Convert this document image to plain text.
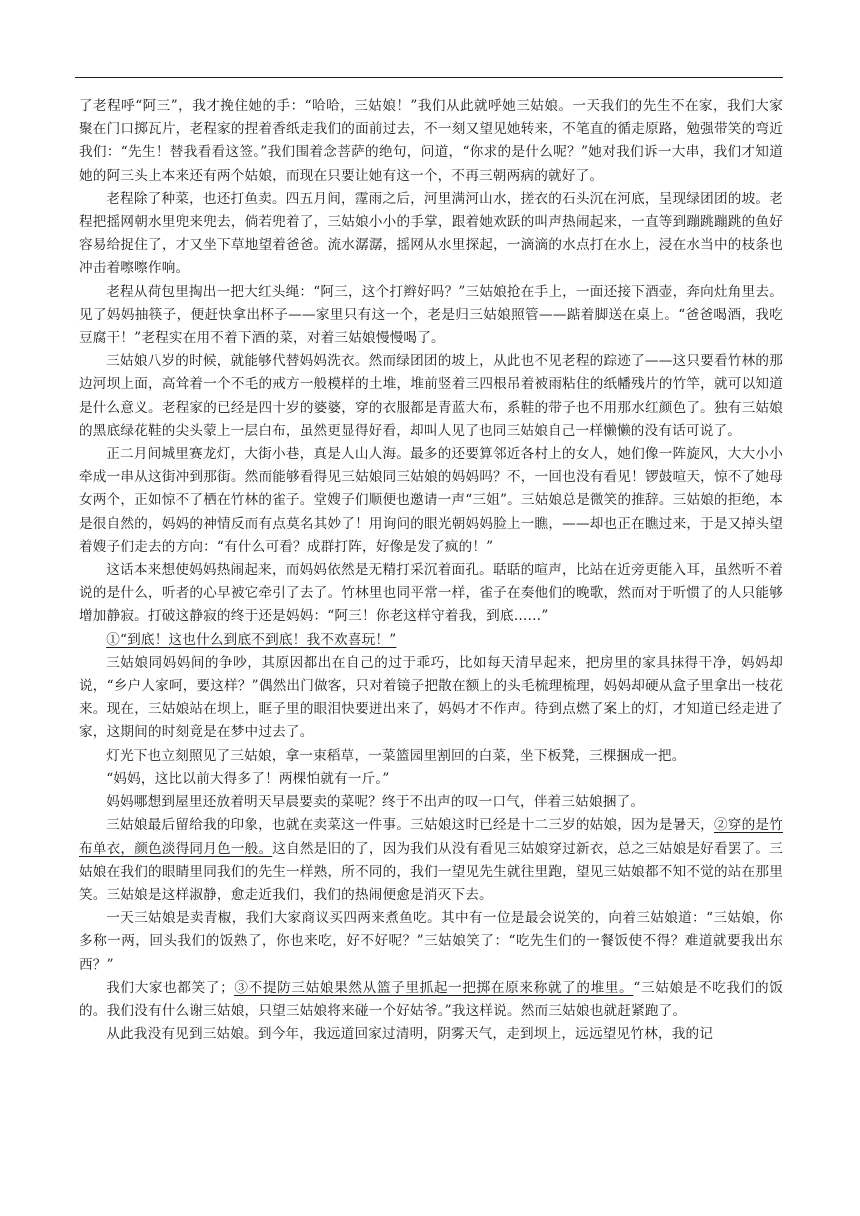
了老程呼“阿三”，我才挽住她的手：“哈哈，三姑娘！”我们从此就呼她三姑娘。一天我们的先生不在家，我们大家聚在门口掷瓦片，老程家的捏着香纸走我们的面前过去，不一刻又望见她转来，不笔直的循走原路，勉强带笑的弯近我们：“先生！替我看看这签。”我们围着念菩萨的绝句，问道，“你求的是什么呢？”她对我们诉一大串，我们才知道她的阿三头上本来还有两个姑娘，而现在只要让她有这一个，不再三朝两病的就好了。

老程除了种菜，也还打鱼卖。四五月间，霪雨之后，河里满河山水，搓衣的石头沉在河底，呈现绿团团的坡。老程把摇网朝水里兜来兜去，倘若兜着了，三姑娘小小的手掌，跟着她欢跃的叫声热闹起来，一直等到蹦跳蹦跳的鱼好容易给捉住了，才又坐下草地望着爸爸。流水潺潺，摇网从水里探起，一滴滴的水点打在水上，浸在水当中的枝条也冲击着嚓嚓作响。

老程从荷包里掏出一把大红头绳：“阿三，这个打辫好吗？”三姑娘抢在手上，一面还接下酒壶，奔向灶角里去。见了妈妈抽筷子，便赶快拿出杯子——家里只有这一个，老是归三姑娘照管——踮着脚送在桌上。“爸爸喝酒，我吃豆腐干！”老程实在用不着下酒的菜，对着三姑娘慢慢喝了。

三姑娘八岁的时候，就能够代替妈妈洗衣。然而绿团团的坡上，从此也不见老程的踪迹了——这只要看竹林的那边河坝上面，高耸着一个不毛的戒方一般模样的土堆，堆前竖着三四根吊着被雨粘住的纸幡残片的竹竿，就可以知道是什么意义。老程家的已经是四十岁的婆婆，穿的衣服都是青蓝大布，系鞋的带子也不用那水红颜色了。独有三姑娘的黑底绿花鞋的尖头蒙上一层白布，虽然更显得好看，却叫人见了也同三姑娘自己一样懒懒的没有话可说了。

正二月间城里赛龙灯，大街小巷，真是人山人海。最多的还要算邻近各村上的女人，她们像一阵旋风，大大小小牵成一串从这街冲到那街。然而能够看得见三姑娘同三姑娘的妈妈吗？不，一回也没有看见！锣鼓喧天，惊不了她母女两个，正如惊不了栖在竹林的雀子。堂嫂子们顺便也邀请一声“三姐”。三姑娘总是微笑的推辞。三姑娘的拒绝，本是很自然的，妈妈的神情反而有点莫名其妙了！用询问的眼光朝妈妈脸上一瞧，——却也正在瞧过来，于是又掉头望着嫂子们走去的方向：“有什么可看？成群打阵，好像是发了疯的！”

这话本来想使妈妈热闹起来，而妈妈依然是无精打采沉着面孔。聒聒的喧声，比站在近旁更能入耳，虽然听不着说的是什么，听者的心早被它牵引了去了。竹林里也同平常一样，雀子在奏他们的晚歌，然而对于听惯了的人只能够增加静寂。打破这静寂的终于还是妈妈：“阿三！你老这样守着我，到底……”

①“到底！这也什么到底不到底！我不欢喜玩！”

三姑娘同妈妈间的争吵，其原因都出在自己的过于乖巧，比如每天清早起来，把房里的家具抹得干净，妈妈却说，“乡户人家呵，要这样？”偶然出门做客，只对着镜子把散在额上的头毛梳理梳理，妈妈却硬从盒子里拿出一枝花来。现在，三姑娘站在坝上，眶子里的眼泪快要迸出来了，妈妈才不作声。待到点燃了案上的灯，才知道已经走进了家，这期间的时刻竟是在梦中过去了。

灯光下也立刻照见了三姑娘，拿一束稻草，一菜篮园里割回的白菜，坐下板凳，三棵捆成一把。

“妈妈，这比以前大得多了！两棵怕就有一斤。”

妈妈哪想到屋里还放着明天早晨要卖的菜呢？终于不出声的叹一口气，伴着三姑娘捆了。

三姑娘最后留给我的印象，也就在卖菜这一件事。三姑娘这时已经是十二三岁的姑娘，因为是暑天，②穿的是竹布单衣，颜色淡得同月色一般。这自然是旧的了，因为我们从没有看见三姑娘穿过新衣，总之三姑娘是好看罢了。三姑娘在我们的眼睛里同我们的先生一样熟，所不同的，我们一望见先生就往里跑，望见三姑娘都不知不觉的站在那里笑。三姑娘是这样淑静，愈走近我们，我们的热闹便愈是消灭下去。

一天三姑娘是卖青椒，我们大家商议买四两来煮鱼吃。其中有一位是最会说笑的，向着三姑娘道：“三姑娘，你多称一两，回头我们的饭熟了，你也来吃，好不好呢？”三姑娘笑了：“吃先生们的一餐饭使不得？难道就要我出东西？”

我们大家也都笑了；③不提防三姑娘果然从篮子里抓起一把掷在原来称就了的堆里。“三姑娘是不吃我们的饭的。我们没有什么谢三姑娘，只望三姑娘将来碰一个好姑爷。”我这样说。然而三姑娘也就赶紧跑了。

从此我没有见到三姑娘。到今年，我远道回家过清明，阴雾天气，走到坝上，远远望见竹林，我的记
